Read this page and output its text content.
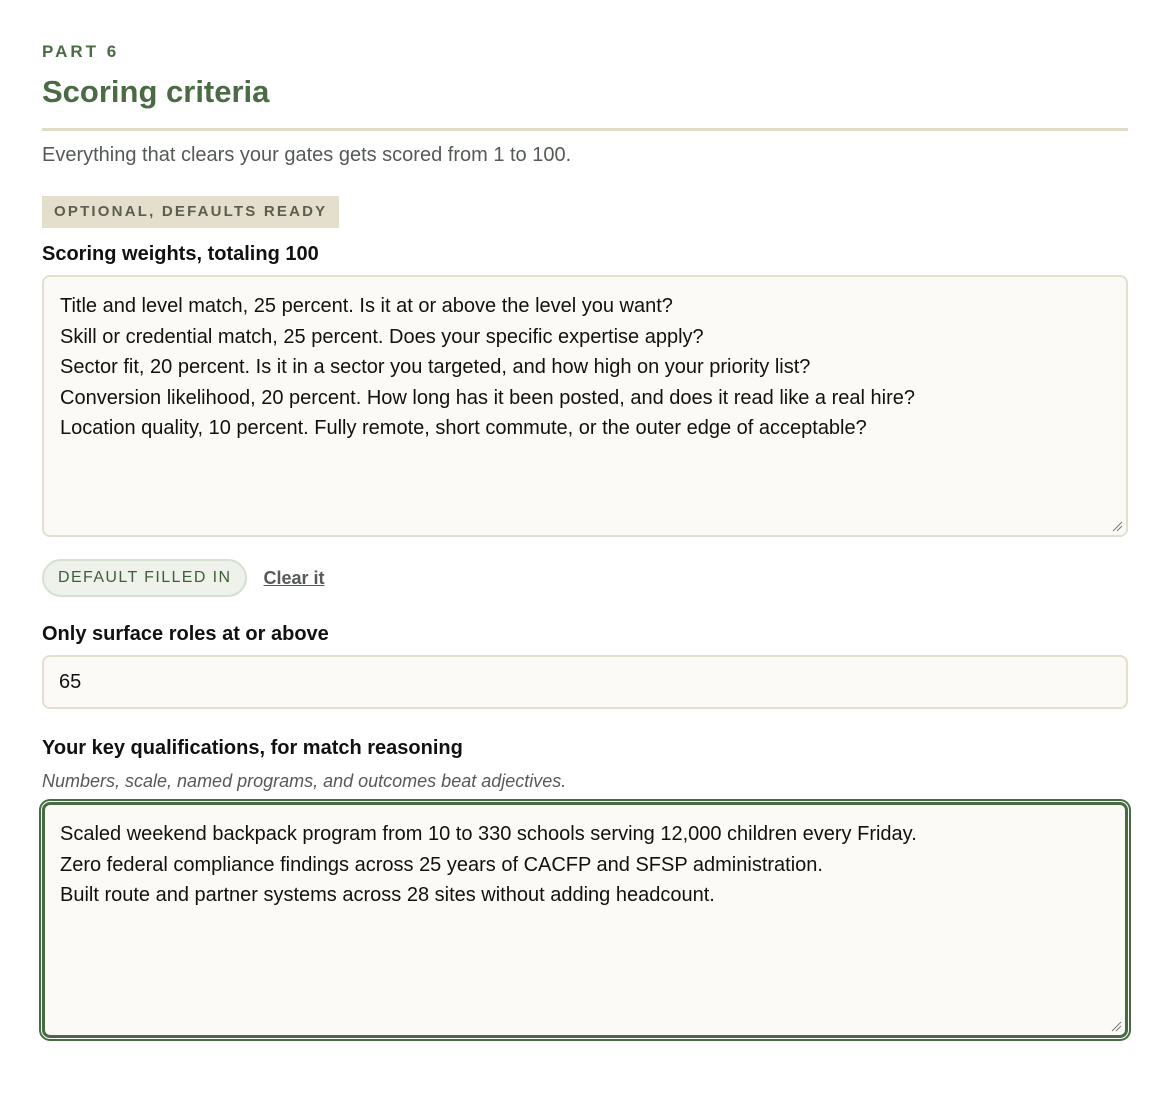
PART 6
Scoring criteria
Everything that clears your gates gets scored from 1 to 100.
OPTIONAL, DEFAULTS READY
Scoring weights, totaling 100
Title and level match, 25 percent. Is it at or above the level you want?
Skill or credential match, 25 percent. Does your specific expertise apply?
Sector fit, 20 percent. Is it in a sector you targeted, and how high on your priority list?
Conversion likelihood, 20 percent. How long has it been posted, and does it read like a real hire?
Location quality, 10 percent. Fully remote, short commute, or the outer edge of acceptable?
DEFAULT FILLED IN	Clear it
Only surface roles at or above
65
Your key qualifications, for match reasoning
Numbers, scale, named programs, and outcomes beat adjectives.
Scaled weekend backpack program from 10 to 330 schools serving 12,000 children every Friday.
Zero federal compliance findings across 25 years of CACFP and SFSP administration.
Built route and partner systems across 28 sites without adding headcount.
